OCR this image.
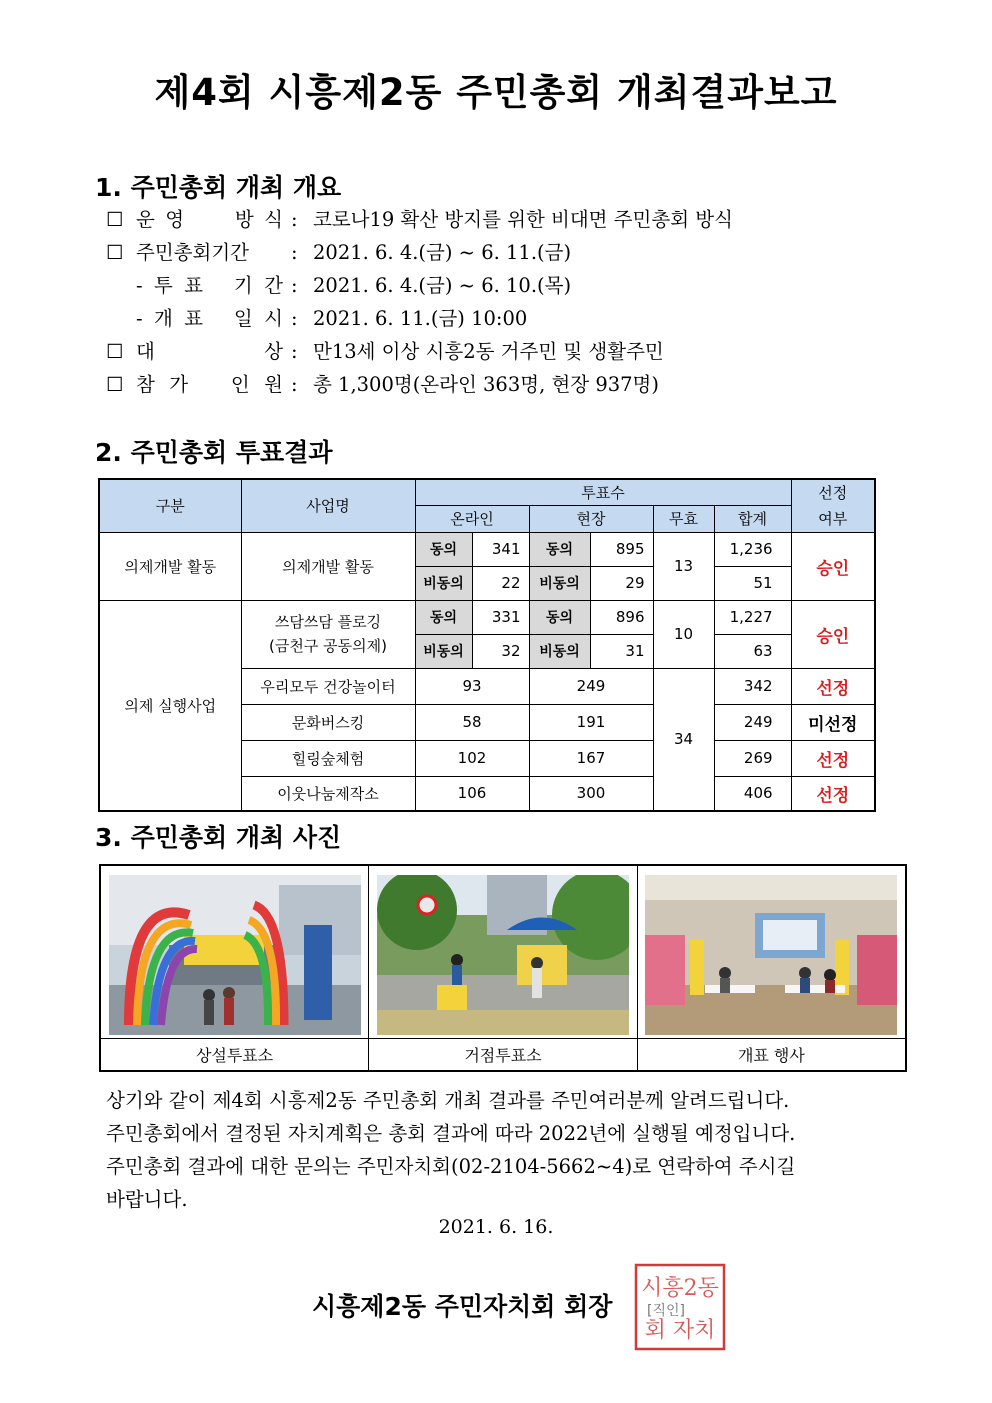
제4회 시흥제2동 주민총회 개최결과보고
1. 주민총회 개최 개요
☐ 운 영	방 식 : 코로나19 확산 방지를 위한 비대면 주민총회 방식
☐ 주민총회기간 : 2021. 6. 4.(금) ~ 6. 11.(금)
- 투 표 기 간 : 2021. 6. 4.(금) ~ 6. 10.(목)
- 개 표 일 시 : 2021. 6. 11.(금) 10:00
☐ 대	상 : 만13세 이상 시흥2동 거주민 및 생활주민
☐ 참 가 인 원 : 총 1,300명(온라인 363명, 현장 937명)
2. 주민총회 투표결과
구분	사업명	투표수				선정
		온라인	현장	무효	합계	여부
의제개발 활동	의제개발 활동	동의 341	동의 895	13	1,236	승인

비동의 22	비동의 29		51	
의제 실행사업	쓰담쓰담 플로깅
(금천구 공동의제)	동의 331	동의 896	10	1,227	승인

비동의 32	비동의 31		63	
	우리모두 건강놀이터	93	249	34	342	선정
	문화버스킹	58	191		249	미선정
	힐링숲체험	102	167		269	선정
	이웃나눔제작소	106	300		406	선정
3. 주민총회 개최 사진

상설투표소	거점투표소	개표 행사
상기와 같이 제4회 시흥제2동 주민총회 개최 결과를 주민여러분께 알려드립니다.
주민총회에서 결정된 자치계획은 총회 결과에 따라 2022년에 실행될 예정입니다.
주민총회 결과에 대한 문의는 주민자치회(02-2104-5662~4)로 연락하여 주시길
바랍니다.
2021. 6. 16.
시흥제2동 주민자치회 회장
시흥2동
회 자치
[직인]
